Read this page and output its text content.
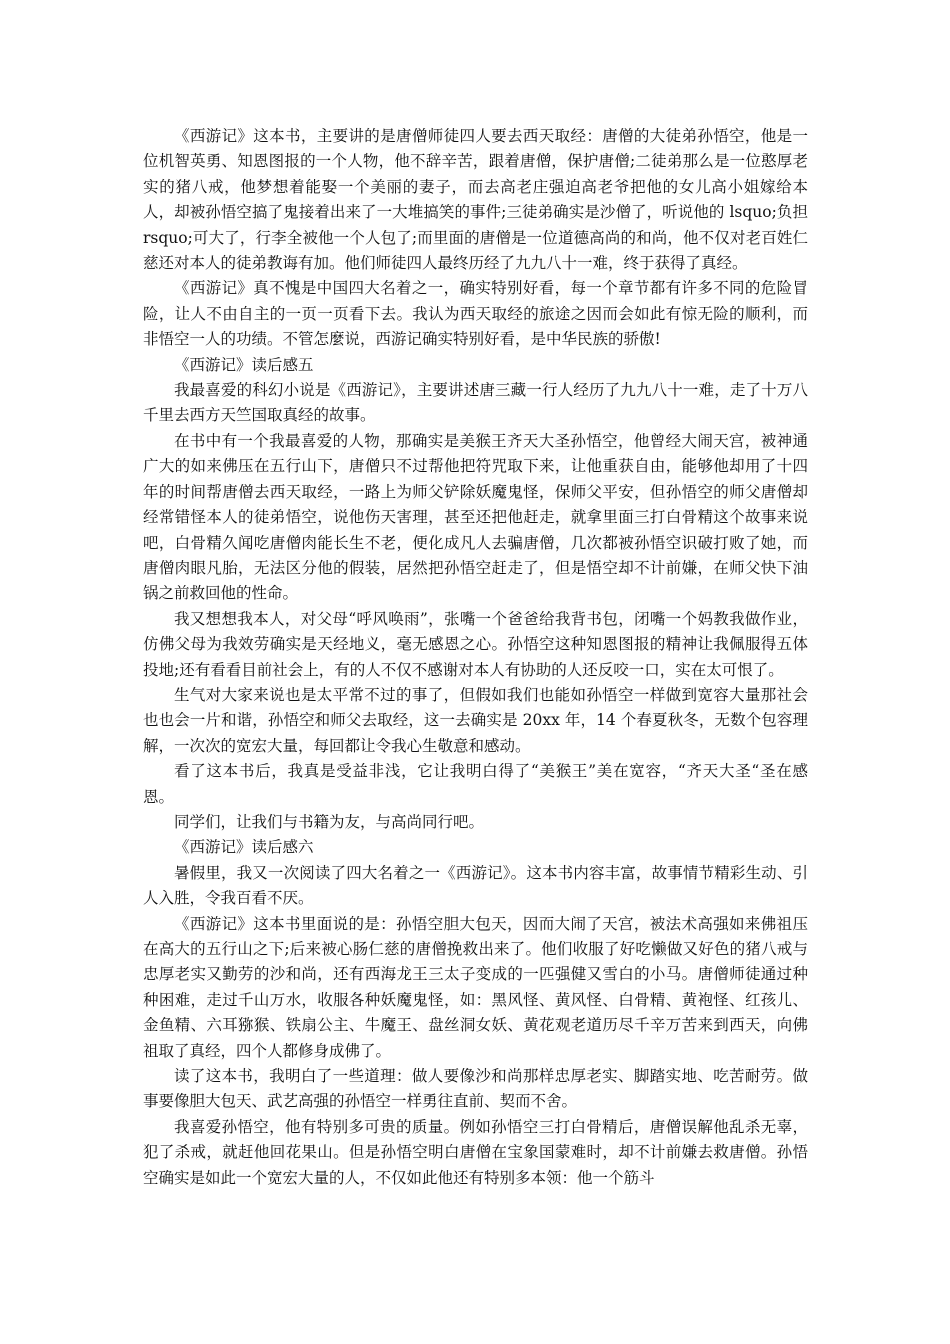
《西游记》这本书，主要讲的是唐僧师徒四人要去西天取经：唐僧的大徒弟孙悟空，他是一位机智英勇、知恩图报的一个人物，他不辞辛苦，跟着唐僧，保护唐僧;二徒弟那么是一位憨厚老实的猪八戒，他梦想着能娶一个美丽的妻子，而去高老庄强迫高老爷把他的女儿高小姐嫁给本人，却被孙悟空搞了鬼接着出来了一大堆搞笑的事件;三徒弟确实是沙僧了，听说他的 lsquo;负担 rsquo;可大了，行李全被他一个人包了;而里面的唐僧是一位道德高尚的和尚，他不仅对老百姓仁慈还对本人的徒弟教诲有加。他们师徒四人最终历经了九九八十一难，终于获得了真经。

《西游记》真不愧是中国四大名着之一，确实特别好看，每一个章节都有许多不同的危险冒险，让人不由自主的一页一页看下去。我认为西天取经的旅途之因而会如此有惊无险的顺利，而非悟空一人的功绩。不管怎麼说，西游记确实特别好看，是中华民族的骄傲!

《西游记》读后感五

我最喜爱的科幻小说是《西游记》，主要讲述唐三藏一行人经历了九九八十一难，走了十万八千里去西方天竺国取真经的故事。

在书中有一个我最喜爱的人物，那确实是美猴王齐天大圣孙悟空，他曾经大闹天宫，被神通广大的如来佛压在五行山下，唐僧只不过帮他把符咒取下来，让他重获自由，能够他却用了十四年的时间帮唐僧去西天取经，一路上为师父铲除妖魔鬼怪，保师父平安，但孙悟空的师父唐僧却经常错怪本人的徒弟悟空，说他伤天害理，甚至还把他赶走，就拿里面三打白骨精这个故事来说吧，白骨精久闻吃唐僧肉能长生不老，便化成凡人去骗唐僧，几次都被孙悟空识破打败了她，而唐僧肉眼凡胎，无法区分他的假装，居然把孙悟空赶走了，但是悟空却不计前嫌，在师父快下油锅之前救回他的性命。

我又想想我本人，对父母“呼风唤雨”，张嘴一个爸爸给我背书包，闭嘴一个妈教我做作业，仿佛父母为我效劳确实是天经地义，毫无感恩之心。孙悟空这种知恩图报的精神让我佩服得五体投地;还有看看目前社会上，有的人不仅不感谢对本人有协助的人还反咬一口，实在太可恨了。

生气对大家来说也是太平常不过的事了，但假如我们也能如孙悟空一样做到宽容大量那社会也也会一片和谐，孙悟空和师父去取经，这一去确实是 20xx 年，14 个春夏秋冬，无数个包容理解，一次次的宽宏大量，每回都让令我心生敬意和感动。

看了这本书后，我真是受益非浅，它让我明白得了“美猴王”美在宽容，“齐天大圣“圣在感恩。

同学们，让我们与书籍为友，与高尚同行吧。

《西游记》读后感六

暑假里，我又一次阅读了四大名着之一《西游记》。这本书内容丰富，故事情节精彩生动、引人入胜，令我百看不厌。

《西游记》这本书里面说的是：孙悟空胆大包天，因而大闹了天宫，被法术高强如来佛祖压在高大的五行山之下;后来被心肠仁慈的唐僧挽救出来了。他们收服了好吃懒做又好色的猪八戒与忠厚老实又勤劳的沙和尚，还有西海龙王三太子变成的一匹强健又雪白的小马。唐僧师徒通过种种困难，走过千山万水，收服各种妖魔鬼怪，如：黑风怪、黄风怪、白骨精、黄袍怪、红孩儿、金鱼精、六耳猕猴、铁扇公主、牛魔王、盘丝洞女妖、黄花观老道历尽千辛万苦来到西天，向佛祖取了真经，四个人都修身成佛了。

读了这本书，我明白了一些道理：做人要像沙和尚那样忠厚老实、脚踏实地、吃苦耐劳。做事要像胆大包天、武艺高强的孙悟空一样勇往直前、契而不舍。

我喜爱孙悟空，他有特别多可贵的质量。例如孙悟空三打白骨精后，唐僧误解他乱杀无辜，犯了杀戒，就赶他回花果山。但是孙悟空明白唐僧在宝象国蒙难时，却不计前嫌去救唐僧。孙悟空确实是如此一个宽宏大量的人，不仅如此他还有特别多本领：他一个筋斗
